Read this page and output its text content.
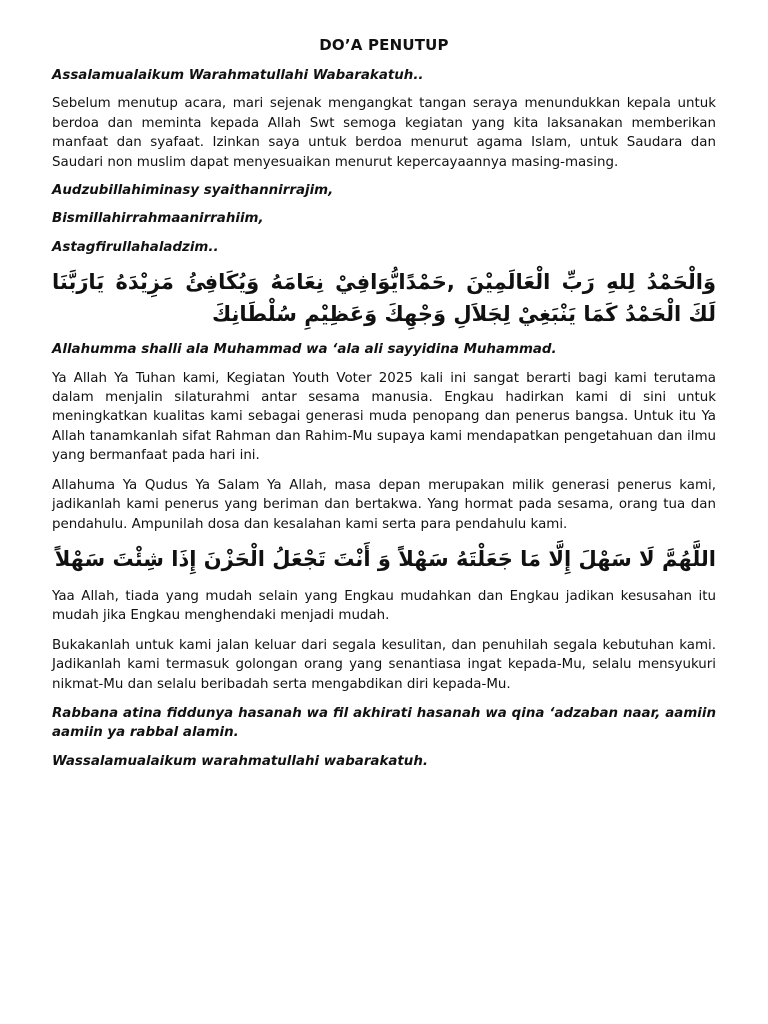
DO’A PENUTUP

Assalamualaikum Warahmatullahi Wabarakatuh..

Sebelum menutup acara, mari sejenak mengangkat tangan seraya menundukkan kepala untuk berdoa dan meminta kepada Allah Swt semoga kegiatan yang kita laksanakan memberikan manfaat dan syafaat. Izinkan saya untuk berdoa menurut agama Islam, untuk Saudara dan Saudari non muslim dapat menyesuaikan menurut kepercayaannya masing-masing.

Audzubillahiminasy syaithannirrajim,

Bismillahirrahmaanirrahiim,

Astagfirullahaladzim..

وَالْحَمْدُ لِلهِ رَبِّ الْعَالَمِيْنَ ,حَمْدًايُّوَافِيْ نِعَامَهُ وَيُكَافِئُ مَزِيْدَهُ يَارَبَّنَا لَكَ الْحَمْدُ كَمَا يَنْبَغِيْ لِجَلاَلِ وَجْهِكَ وَعَظِيْمِ سُلْطَانِكَ

Allahumma shalli ala Muhammad wa ‘ala ali sayyidina Muhammad.

Ya Allah Ya Tuhan kami, Kegiatan Youth Voter 2025 kali ini sangat berarti bagi kami terutama dalam menjalin silaturahmi antar sesama manusia. Engkau hadirkan kami di sini untuk meningkatkan kualitas kami sebagai generasi muda penopang dan penerus bangsa. Untuk itu Ya Allah tanamkanlah sifat Rahman dan Rahim-Mu supaya kami mendapatkan pengetahuan dan ilmu yang bermanfaat pada hari ini.

Allahuma Ya Qudus Ya Salam Ya Allah, masa depan merupakan milik generasi penerus kami, jadikanlah kami penerus yang beriman dan bertakwa. Yang hormat pada sesama, orang tua dan pendahulu. Ampunilah dosa dan kesalahan kami serta para pendahulu kami.

اللَّهُمَّ لَا سَهْلَ إِلَّا مَا جَعَلْتَهُ سَهْلاً وَ أَنْتَ تَجْعَلُ الْحَزْنَ إِذَا شِئْتَ سَهْلاً

Yaa Allah, tiada yang mudah selain yang Engkau mudahkan dan Engkau jadikan kesusahan itu mudah jika Engkau menghendaki menjadi mudah.

Bukakanlah untuk kami jalan keluar dari segala kesulitan, dan penuhilah segala kebutuhan kami. Jadikanlah kami termasuk golongan orang yang senantiasa ingat kepada-Mu, selalu mensyukuri nikmat-Mu dan selalu beribadah serta mengabdikan diri kepada-Mu.

Rabbana atina fiddunya hasanah wa fil akhirati hasanah wa qina ‘adzaban naar, aamiin aamiin ya rabbal alamin.

Wassalamualaikum warahmatullahi wabarakatuh.
